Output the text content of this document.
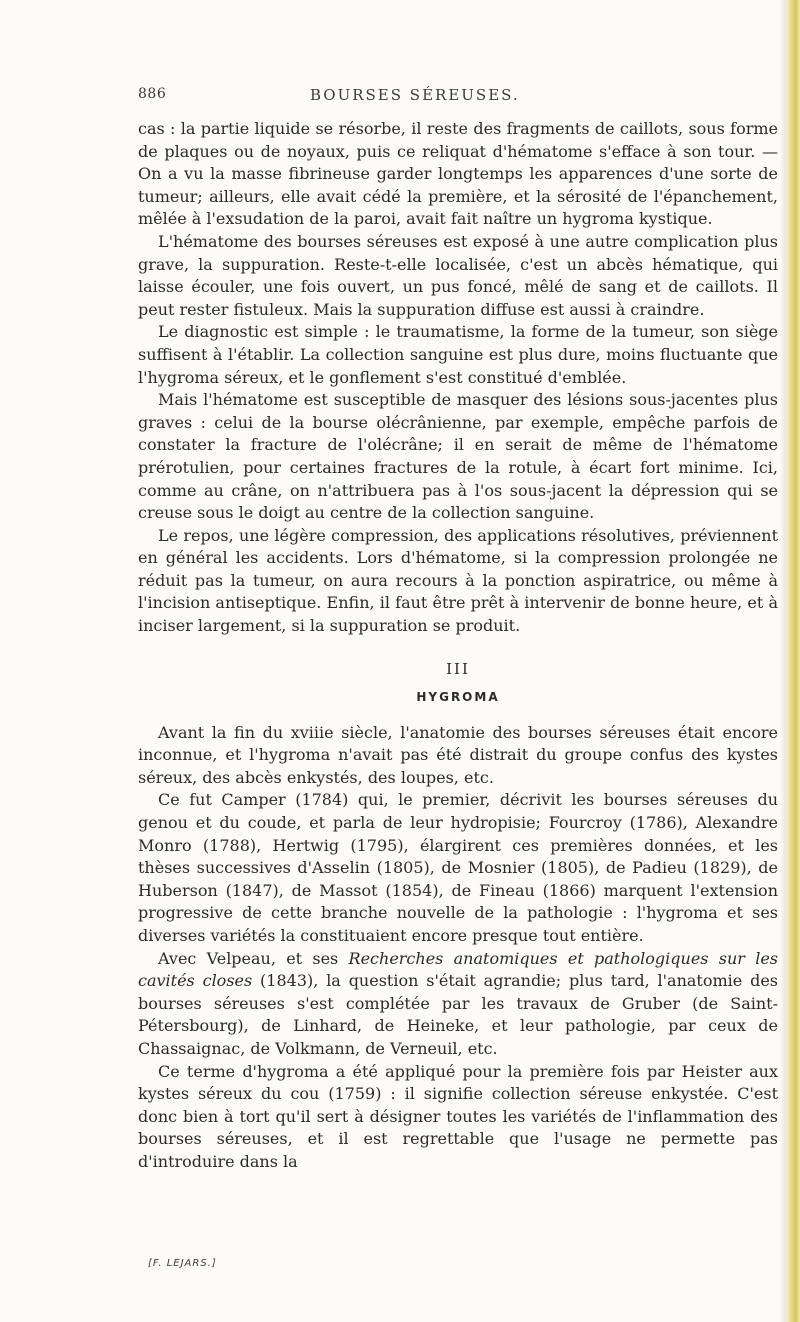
886	BOURSES SÉREUSES.

cas : la partie liquide se résorbe, il reste des fragments de caillots, sous forme de plaques ou de noyaux, puis ce reliquat d'hématome s'efface à son tour. — On a vu la masse fibrineuse garder longtemps les apparences d'une sorte de tumeur; ailleurs, elle avait cédé la première, et la sérosité de l'épanchement, mêlée à l'exsudation de la paroi, avait fait naître un hygroma kystique.

L'hématome des bourses séreuses est exposé à une autre complication plus grave, la suppuration. Reste-t-elle localisée, c'est un abcès hématique, qui laisse écouler, une fois ouvert, un pus foncé, mêlé de sang et de caillots. Il peut rester fistuleux. Mais la suppuration diffuse est aussi à craindre.

Le diagnostic est simple : le traumatisme, la forme de la tumeur, son siège suffisent à l'établir. La collection sanguine est plus dure, moins fluctuante que l'hygroma séreux, et le gonflement s'est constitué d'emblée.

Mais l'hématome est susceptible de masquer des lésions sous-jacentes plus graves : celui de la bourse olécrânienne, par exemple, empêche parfois de constater la fracture de l'olécrâne; il en serait de même de l'hématome prérotulien, pour certaines fractures de la rotule, à écart fort minime. Ici, comme au crâne, on n'attribuera pas à l'os sous-jacent la dépression qui se creuse sous le doigt au centre de la collection sanguine.

Le repos, une légère compression, des applications résolutives, préviennent en général les accidents. Lors d'hématome, si la compression prolongée ne réduit pas la tumeur, on aura recours à la ponction aspiratrice, ou même à l'incision antiseptique. Enfin, il faut être prêt à intervenir de bonne heure, et à inciser largement, si la suppuration se produit.

III
HYGROMA

Avant la fin du xviiie siècle, l'anatomie des bourses séreuses était encore inconnue, et l'hygroma n'avait pas été distrait du groupe confus des kystes séreux, des abcès enkystés, des loupes, etc.

Ce fut Camper (1784) qui, le premier, décrivit les bourses séreuses du genou et du coude, et parla de leur hydropisie; Fourcroy (1786), Alexandre Monro (1788), Hertwig (1795), élargirent ces premières données, et les thèses successives d'Asselin (1805), de Mosnier (1805), de Padieu (1829), de Huberson (1847), de Massot (1854), de Fineau (1866) marquent l'extension progressive de cette branche nouvelle de la pathologie : l'hygroma et ses diverses variétés la constituaient encore presque tout entière.

Avec Velpeau, et ses Recherches anatomiques et pathologiques sur les cavités closes (1843), la question s'était agrandie; plus tard, l'anatomie des bourses séreuses s'est complétée par les travaux de Gruber (de Saint-Pétersbourg), de Linhard, de Heineke, et leur pathologie, par ceux de Chassaignac, de Volkmann, de Verneuil, etc.

Ce terme d'hygroma a été appliqué pour la première fois par Heister aux kystes séreux du cou (1759) : il signifie collection séreuse enkystée. C'est donc bien à tort qu'il sert à désigner toutes les variétés de l'inflammation des bourses séreuses, et il est regrettable que l'usage ne permette pas d'introduire dans la

[F. LEJARS.]
